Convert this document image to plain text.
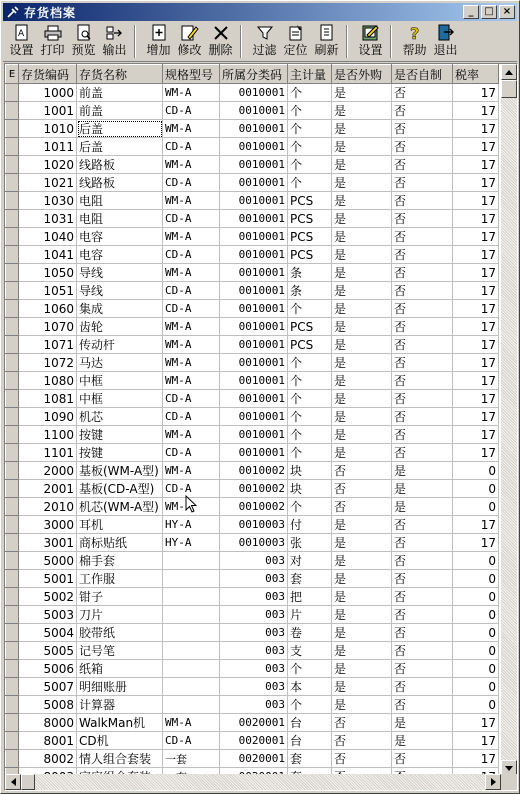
存货档案	_	□ ×
A
设置 打印 预览 输出 增加 修改 删除 过滤 定位 刷新 设置
?
帮助 退出
E	存货编码	存货名称	规格型号	所属分类码	主计量	是否外购	是否自制	税率
	1000	前盖	WM-A	0010001	个	是	否	17
	1001	前盖	CD-A	0010001	个	是	否	17
	1010	后盖	WM-A	0010001	个	是	否	17
	1011	后盖	CD-A	0010001	个	是	否	17
	1020	线路板	WM-A	0010001	个	是	否	17
	1021	线路板	CD-A	0010001	个	是	否	17
	1030	电阻	WM-A	0010001	PCS	是	否	17
	1031	电阻	CD-A	0010001	PCS	是	否	17
	1040	电容	WM-A	0010001	PCS	是	否	17
	1041	电容	CD-A	0010001	PCS	是	否	17
	1050	导线	WM-A	0010001	条	是	否	17
	1051	导线	CD-A	0010001	条	是	否	17
	1060	集成	CD-A	0010001	个	是	否	17
	1070	齿轮	WM-A	0010001	PCS	是	否	17
	1071	传动杆	WM-A	0010001	PCS	是	否	17
	1072	马达	WM-A	0010001	个	是	否	17
	1080	中框	WM-A	0010001	个	是	否	17
	1081	中框	CD-A	0010001	个	是	否	17
	1090	机芯	CD-A	0010001	个	是	否	17
	1100	按键	WM-A	0010001	个	是	否	17
	1101	按键	CD-A	0010001	个	是	否	17
	2000	基板(WM-A型)	WM-A	0010002	块	否	是	0
	2001	基板(CD-A型)	CD-A	0010002	块	否	是	0
	2010	机芯(WM-A型)	WM-	0010002	个	否	是	0
	3000	耳机	HY-A	0010003	付	是	否	17
	3001	商标贴纸	HY-A	0010003	张	是	否	17
	5000	棉手套		003	对	是	否	0
	5001	工作服		003	套	是	否	0
	5002	钳子		003	把	是	否	0
	5003	刀片		003	片	是	否	0
	5004	胶带纸		003	卷	是	否	0
	5005	记号笔		003	支	是	否	0
	5006	纸箱		003	个	是	否	0
	5007	明细账册		003	本	是	否	0
	5008	计算器		003	个	是	否	0
	8000	WalkMan机	WM-A	0020001	台	否	是	17
	8001	CD机	CD-A	0020001	台	否	是	17
	8002	情人组合套装	一套	0020001	套	否	否	17
